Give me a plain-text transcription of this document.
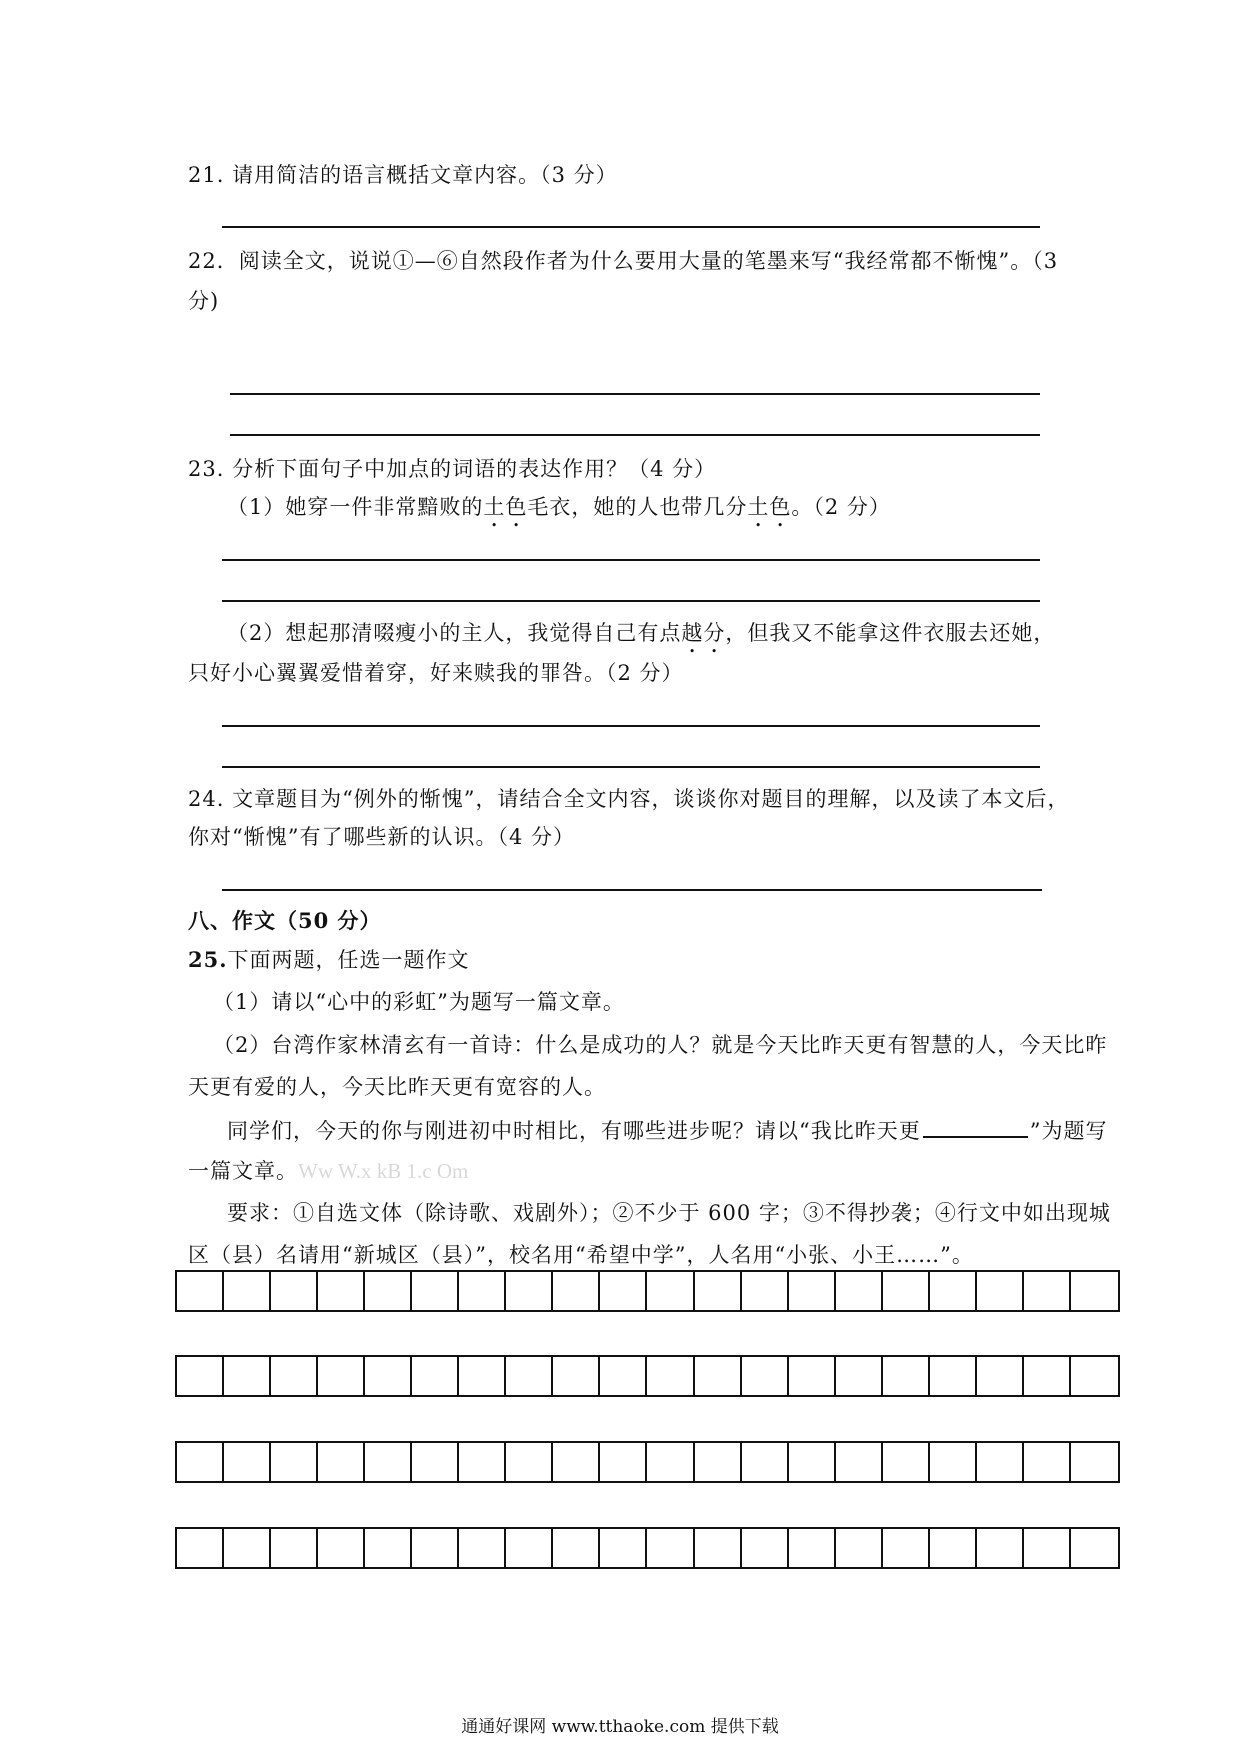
21. 请用简洁的语言概括文章内容。（3 分）
22．阅读全文，说说①—⑥自然段作者为什么要用大量的笔墨来写“我经常都不惭愧”。（3
分)
23. 分析下面句子中加点的词语的表达作用？（4 分）
（1）她穿一件非常黯败的土色毛衣，她的人也带几分土色。（2 分）
（2）想起那清啜瘦小的主人，我觉得自己有点越分，但我又不能拿这件衣服去还她，
只好小心翼翼爱惜着穿，好来赎我的罪咎。（2 分）
24. 文章题目为“例外的惭愧”，请结合全文内容，谈谈你对题目的理解，以及读了本文后，
你对“惭愧”有了哪些新的认识。（4 分）
八、作文（50 分）
25.下面两题，任选一题作文
（1）请以“心中的彩虹”为题写一篇文章。
（2）台湾作家林清玄有一首诗：什么是成功的人？就是今天比昨天更有智慧的人，今天比昨
天更有爱的人，今天比昨天更有宽容的人。
同学们，今天的你与刚进初中时相比，有哪些进步呢？请以“我比昨天更	”为题写
一篇文章。Ww W.x kB 1.c Om
要求：①自选文体（除诗歌、戏剧外）；②不少于 600 字；③不得抄袭；④行文中如出现城
区（县）名请用“新城区（县）”，校名用“希望中学”，人名用“小张、小王……”。
通通好课网 www.tthaoke.com 提供下载
